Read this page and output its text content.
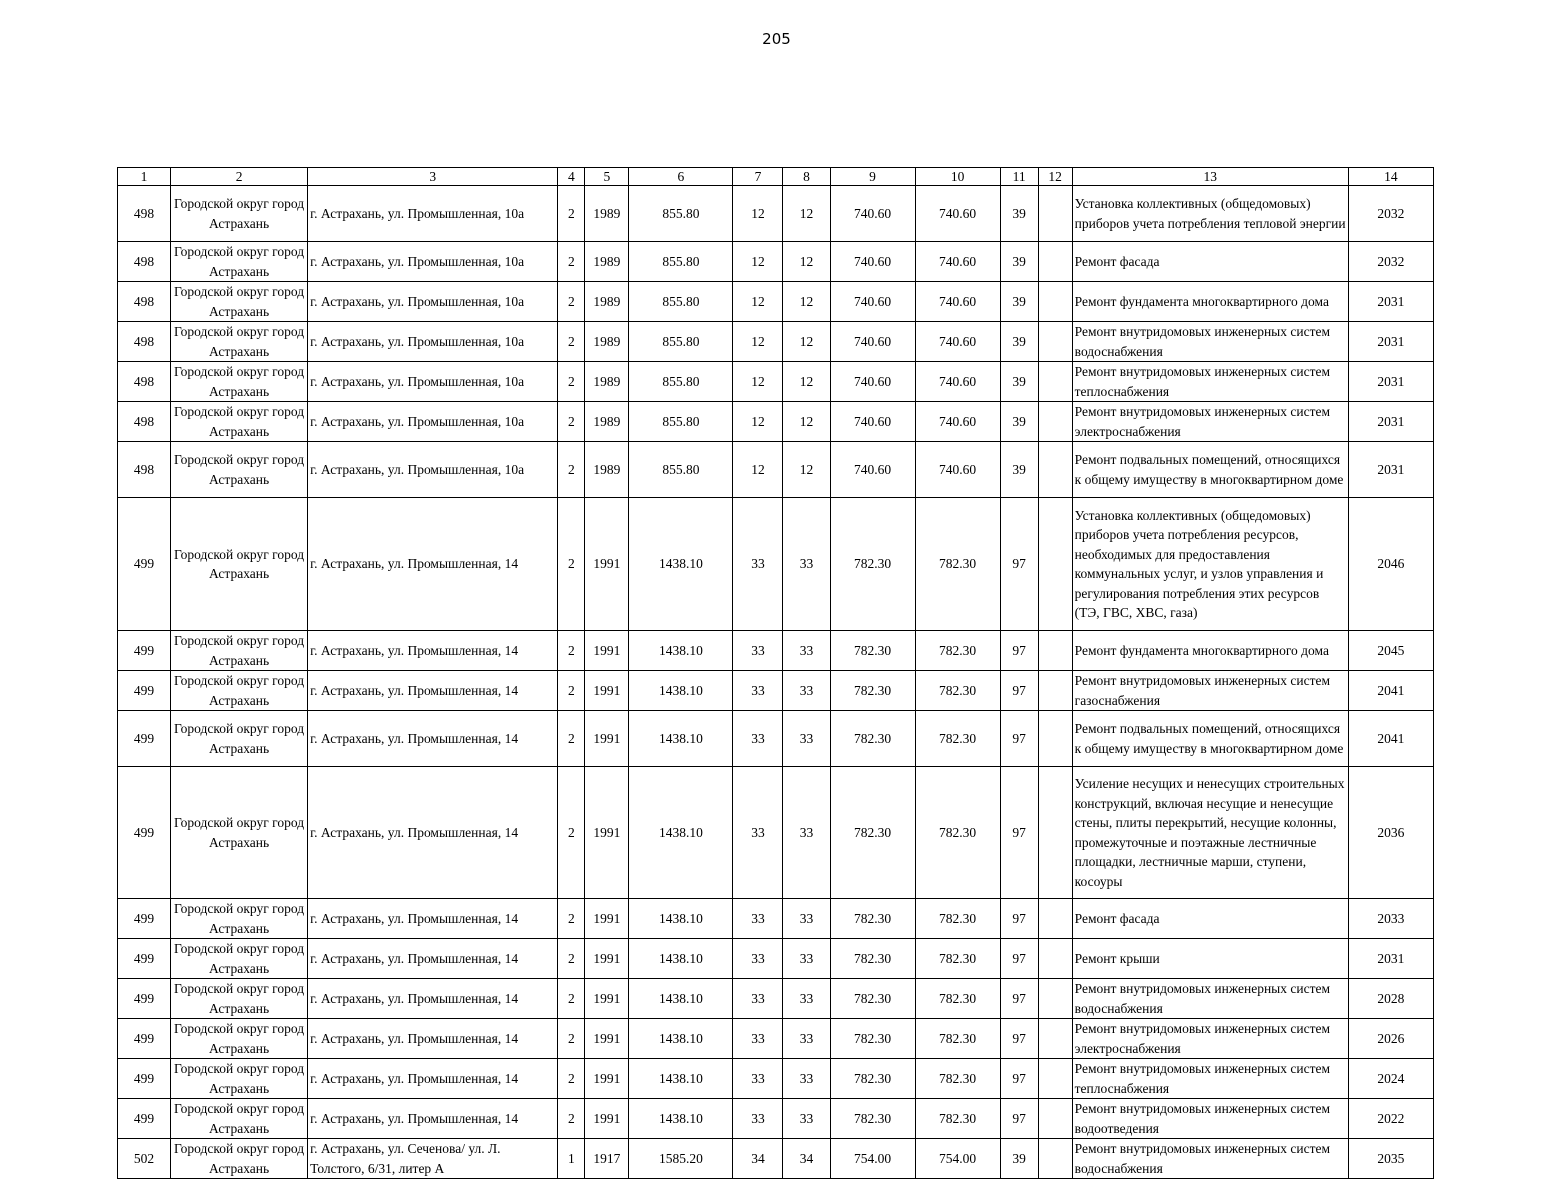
205
1	2	3	4	5	6	7	8	9	10	11	12	13	14
498	Городской округ город Астрахань	г. Астрахань, ул. Промышленная, 10а	2	1989	855.80	12	12	740.60	740.60	39		Установка коллективных (общедомовых) приборов учета потребления тепловой энергии	2032
498	Городской округ город Астрахань	г. Астрахань, ул. Промышленная, 10а	2	1989	855.80	12	12	740.60	740.60	39		Ремонт фасада	2032
498	Городской округ город Астрахань	г. Астрахань, ул. Промышленная, 10а	2	1989	855.80	12	12	740.60	740.60	39		Ремонт фундамента многоквартирного дома	2031
498	Городской округ город Астрахань	г. Астрахань, ул. Промышленная, 10а	2	1989	855.80	12	12	740.60	740.60	39		Ремонт внутридомовых инженерных систем водоснабжения	2031
498	Городской округ город Астрахань	г. Астрахань, ул. Промышленная, 10а	2	1989	855.80	12	12	740.60	740.60	39		Ремонт внутридомовых инженерных систем теплоснабжения	2031
498	Городской округ город Астрахань	г. Астрахань, ул. Промышленная, 10а	2	1989	855.80	12	12	740.60	740.60	39		Ремонт внутридомовых инженерных систем электроснабжения	2031
498	Городской округ город Астрахань	г. Астрахань, ул. Промышленная, 10а	2	1989	855.80	12	12	740.60	740.60	39		Ремонт подвальных помещений, относящихся к общему имуществу в многоквартирном доме	2031
499	Городской округ город Астрахань	г. Астрахань, ул. Промышленная, 14	2	1991	1438.10	33	33	782.30	782.30	97		Установка коллективных (общедомовых) приборов учета потребления ресурсов, необходимых для предоставления коммунальных услуг, и узлов управления и регулирования потребления этих ресурсов (ТЭ, ГВС, ХВС, газа)	2046
499	Городской округ город Астрахань	г. Астрахань, ул. Промышленная, 14	2	1991	1438.10	33	33	782.30	782.30	97		Ремонт фундамента многоквартирного дома	2045
499	Городской округ город Астрахань	г. Астрахань, ул. Промышленная, 14	2	1991	1438.10	33	33	782.30	782.30	97		Ремонт внутридомовых инженерных систем газоснабжения	2041
499	Городской округ город Астрахань	г. Астрахань, ул. Промышленная, 14	2	1991	1438.10	33	33	782.30	782.30	97		Ремонт подвальных помещений, относящихся к общему имуществу в многоквартирном доме	2041
499	Городской округ город Астрахань	г. Астрахань, ул. Промышленная, 14	2	1991	1438.10	33	33	782.30	782.30	97		Усиление несущих и ненесущих строительных конструкций, включая несущие и ненесущие стены, плиты перекрытий, несущие колонны, промежуточные и поэтажные лестничные площадки, лестничные марши, ступени, косоуры	2036
499	Городской округ город Астрахань	г. Астрахань, ул. Промышленная, 14	2	1991	1438.10	33	33	782.30	782.30	97		Ремонт фасада	2033
499	Городской округ город Астрахань	г. Астрахань, ул. Промышленная, 14	2	1991	1438.10	33	33	782.30	782.30	97		Ремонт крыши	2031
499	Городской округ город Астрахань	г. Астрахань, ул. Промышленная, 14	2	1991	1438.10	33	33	782.30	782.30	97		Ремонт внутридомовых инженерных систем водоснабжения	2028
499	Городской округ город Астрахань	г. Астрахань, ул. Промышленная, 14	2	1991	1438.10	33	33	782.30	782.30	97		Ремонт внутридомовых инженерных систем электроснабжения	2026
499	Городской округ город Астрахань	г. Астрахань, ул. Промышленная, 14	2	1991	1438.10	33	33	782.30	782.30	97		Ремонт внутридомовых инженерных систем теплоснабжения	2024
499	Городской округ город Астрахань	г. Астрахань, ул. Промышленная, 14	2	1991	1438.10	33	33	782.30	782.30	97		Ремонт внутридомовых инженерных систем водоотведения	2022
502	Городской округ город Астрахань	г. Астрахань, ул. Сеченова/ ул. Л. Толстого, 6/31, литер А	1	1917	1585.20	34	34	754.00	754.00	39		Ремонт внутридомовых инженерных систем водоснабжения	2035
